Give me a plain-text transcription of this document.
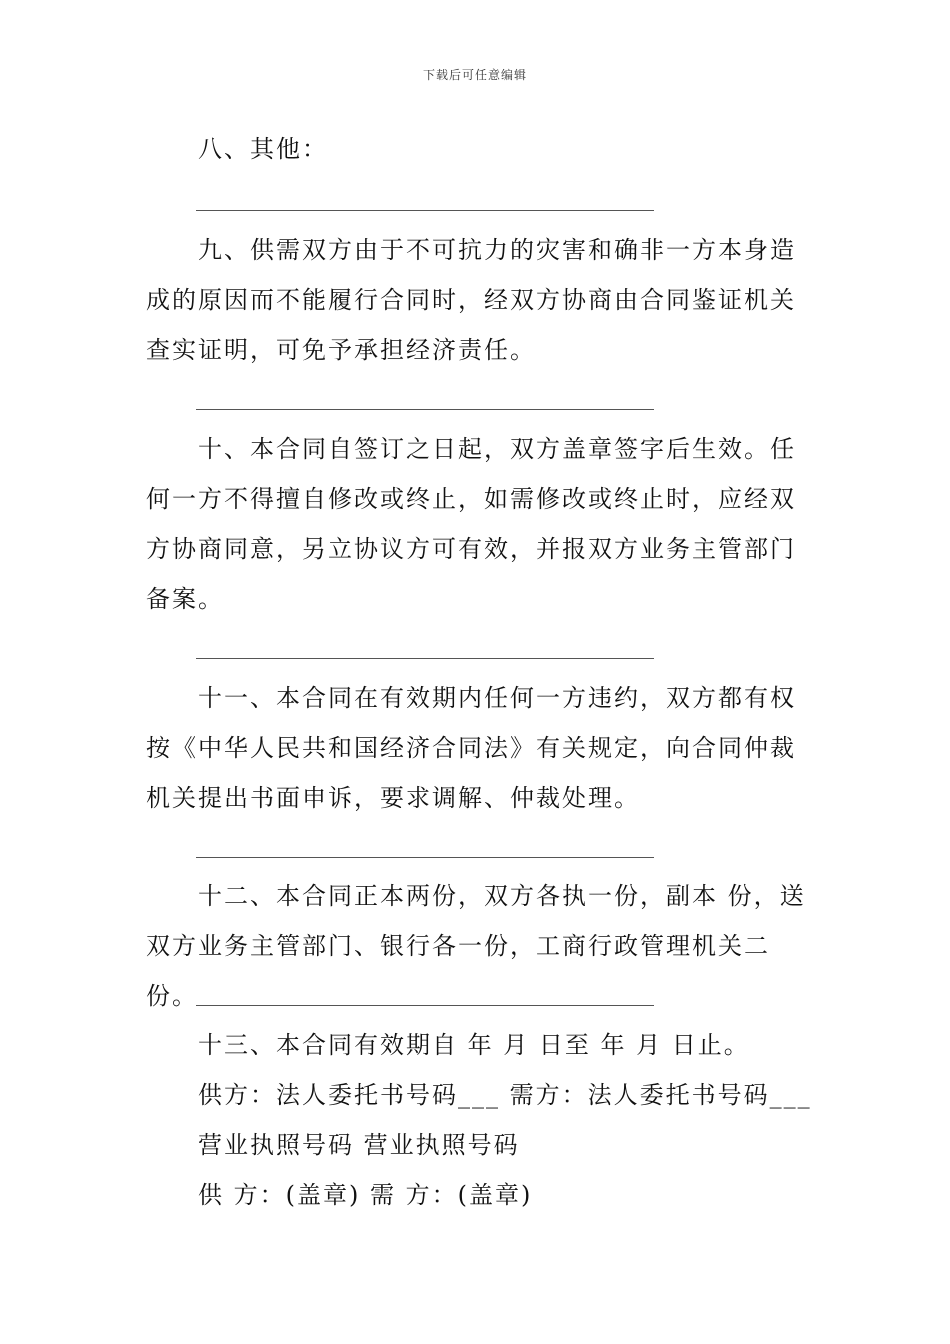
下载后可任意编辑
八、其他：

九、供需双方由于不可抗力的灾害和确非一方本身造成的原因而不能履行合同时，经双方协商由合同鉴证机关查实证明，可免予承担经济责任。

十、本合同自签订之日起，双方盖章签字后生效。任何一方不得擅自修改或终止，如需修改或终止时，应经双方协商同意，另立协议方可有效，并报双方业务主管部门备案。

十一、本合同在有效期内任何一方违约，双方都有权按《中华人民共和国经济合同法》有关规定，向合同仲裁机关提出书面申诉，要求调解、仲裁处理。

十二、本合同正本两份，双方各执一份，副本 份，送双方业务主管部门、银行各一份，工商行政管理机关二份。

十三、本合同有效期自 年 月 日至 年 月 日止。
供方：法人委托书号码___ 需方：法人委托书号码___
营业执照号码 营业执照号码
供 方：(盖章) 需 方：(盖章)
